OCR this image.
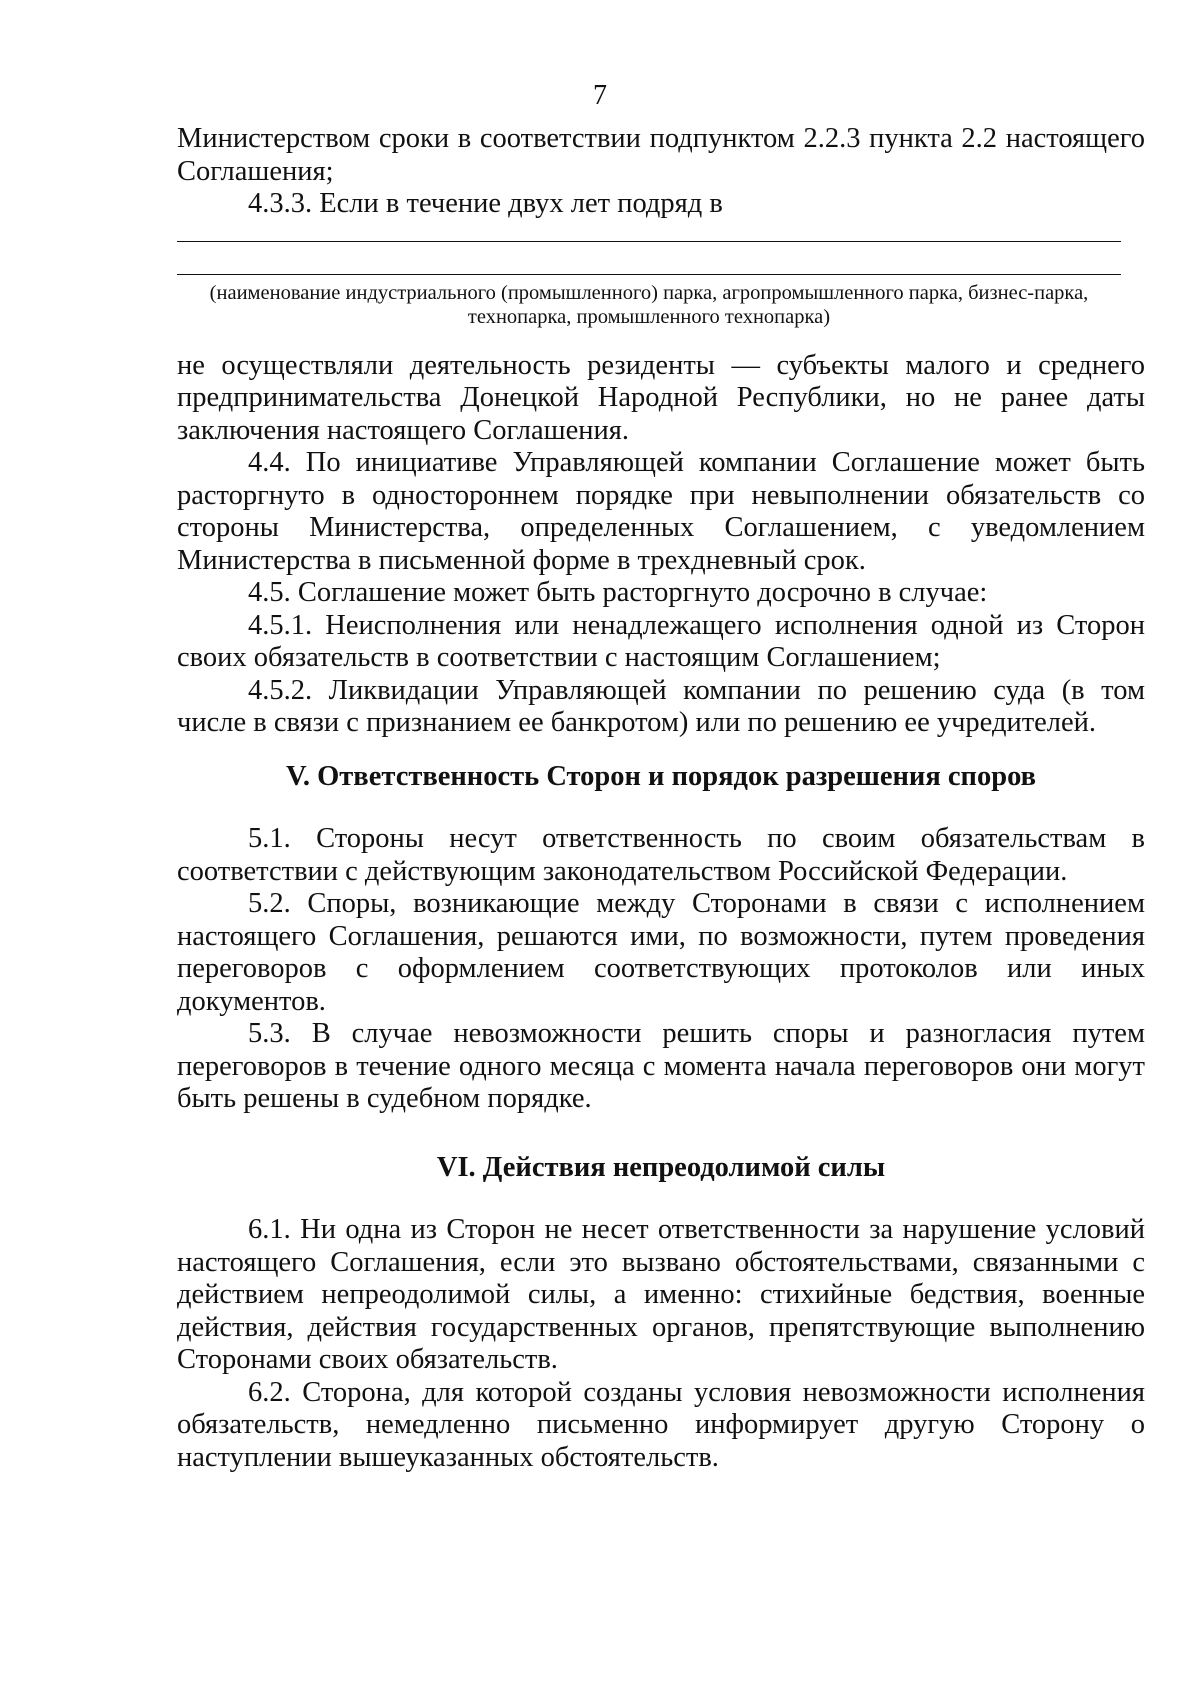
7

Министерством сроки в соответствии подпунктом 2.2.3 пункта 2.2 настоящего Соглашения;

4.3.3. Если в течение двух лет подряд в

(наименование индустриального (промышленного) парка, агропромышленного парка, бизнес-парка, технопарка, промышленного технопарка)

не осуществляли деятельность резиденты — субъекты малого и среднего предпринимательства Донецкой Народной Республики, но не ранее даты заключения настоящего Соглашения.

4.4. По инициативе Управляющей компании Соглашение может быть расторгнуто в одностороннем порядке при невыполнении обязательств со стороны Министерства, определенных Соглашением, с уведомлением Министерства в письменной форме в трехдневный срок.

4.5. Соглашение может быть расторгнуто досрочно в случае:

4.5.1. Неисполнения или ненадлежащего исполнения одной из Сторон своих обязательств в соответствии с настоящим Соглашением;

4.5.2. Ликвидации Управляющей компании по решению суда (в том числе в связи с признанием ее банкротом) или по решению ее учредителей.

V. Ответственность Сторон и порядок разрешения споров

5.1. Стороны несут ответственность по своим обязательствам в соответствии с действующим законодательством Российской Федерации.

5.2. Споры, возникающие между Сторонами в связи с исполнением настоящего Соглашения, решаются ими, по возможности, путем проведения переговоров с оформлением соответствующих протоколов или иных документов.

5.3. В случае невозможности решить споры и разногласия путем переговоров в течение одного месяца с момента начала переговоров они могут быть решены в судебном порядке.

VI. Действия непреодолимой силы

6.1. Ни одна из Сторон не несет ответственности за нарушение условий настоящего Соглашения, если это вызвано обстоятельствами, связанными с действием непреодолимой силы, а именно: стихийные бедствия, военные действия, действия государственных органов, препятствующие выполнению Сторонами своих обязательств.

6.2. Сторона, для которой созданы условия невозможности исполнения обязательств, немедленно письменно информирует другую Сторону о наступлении вышеуказанных обстоятельств.
